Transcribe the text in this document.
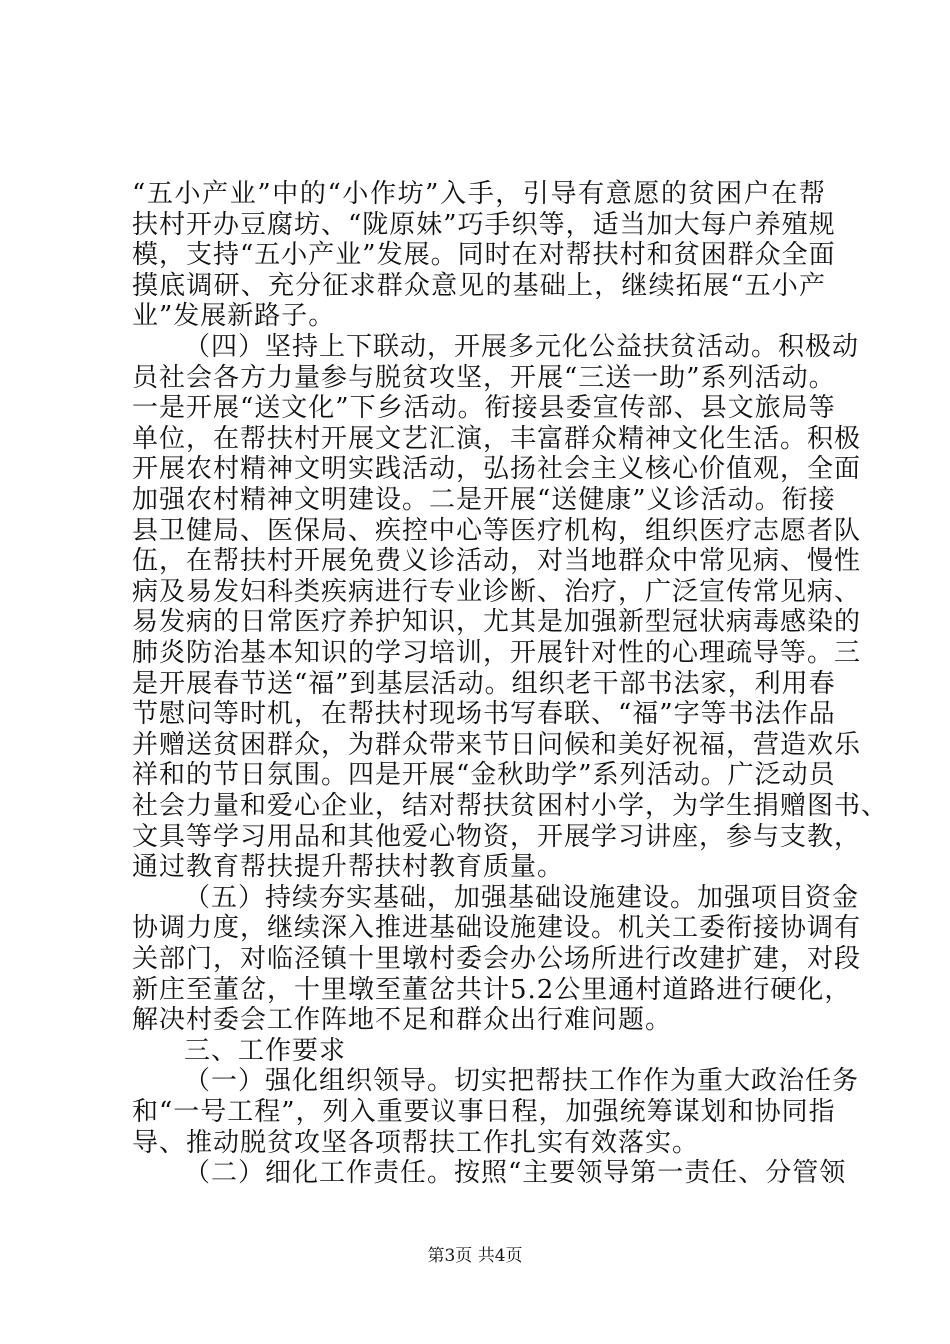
“五小产业”中的“小作坊”入手，引导有意愿的贫困户在帮
扶村开办豆腐坊、“陇原妹”巧手织等，适当加大每户养殖规
模，支持“五小产业”发展。同时在对帮扶村和贫困群众全面
摸底调研、充分征求群众意见的基础上，继续拓展“五小产
业”发展新路子。
（四）坚持上下联动，开展多元化公益扶贫活动。积极动
员社会各方力量参与脱贫攻坚，开展“三送一助”系列活动。
一是开展“送文化”下乡活动。衔接县委宣传部、县文旅局等
单位，在帮扶村开展文艺汇演，丰富群众精神文化生活。积极
开展农村精神文明实践活动，弘扬社会主义核心价值观，全面
加强农村精神文明建设。二是开展“送健康”义诊活动。衔接
县卫健局、医保局、疾控中心等医疗机构，组织医疗志愿者队
伍，在帮扶村开展免费义诊活动，对当地群众中常见病、慢性
病及易发妇科类疾病进行专业诊断、治疗，广泛宣传常见病、
易发病的日常医疗养护知识，尤其是加强新型冠状病毒感染的
肺炎防治基本知识的学习培训，开展针对性的心理疏导等。三
是开展春节送“福”到基层活动。组织老干部书法家，利用春
节慰问等时机，在帮扶村现场书写春联、“福”字等书法作品
并赠送贫困群众，为群众带来节日问候和美好祝福，营造欢乐
祥和的节日氛围。四是开展“金秋助学”系列活动。广泛动员
社会力量和爱心企业，结对帮扶贫困村小学，为学生捐赠图书、
文具等学习用品和其他爱心物资，开展学习讲座，参与支教，
通过教育帮扶提升帮扶村教育质量。
（五）持续夯实基础，加强基础设施建设。加强项目资金
协调力度，继续深入推进基础设施建设。机关工委衔接协调有
关部门，对临泾镇十里墩村委会办公场所进行改建扩建，对段
新庄至董岔，十里墩至董岔共计5.2公里通村道路进行硬化，
解决村委会工作阵地不足和群众出行难问题。
三、工作要求
（一）强化组织领导。切实把帮扶工作作为重大政治任务
和“一号工程”，列入重要议事日程，加强统筹谋划和协同指
导、推动脱贫攻坚各项帮扶工作扎实有效落实。
（二）细化工作责任。按照“主要领导第一责任、分管领
第3页 共4页
